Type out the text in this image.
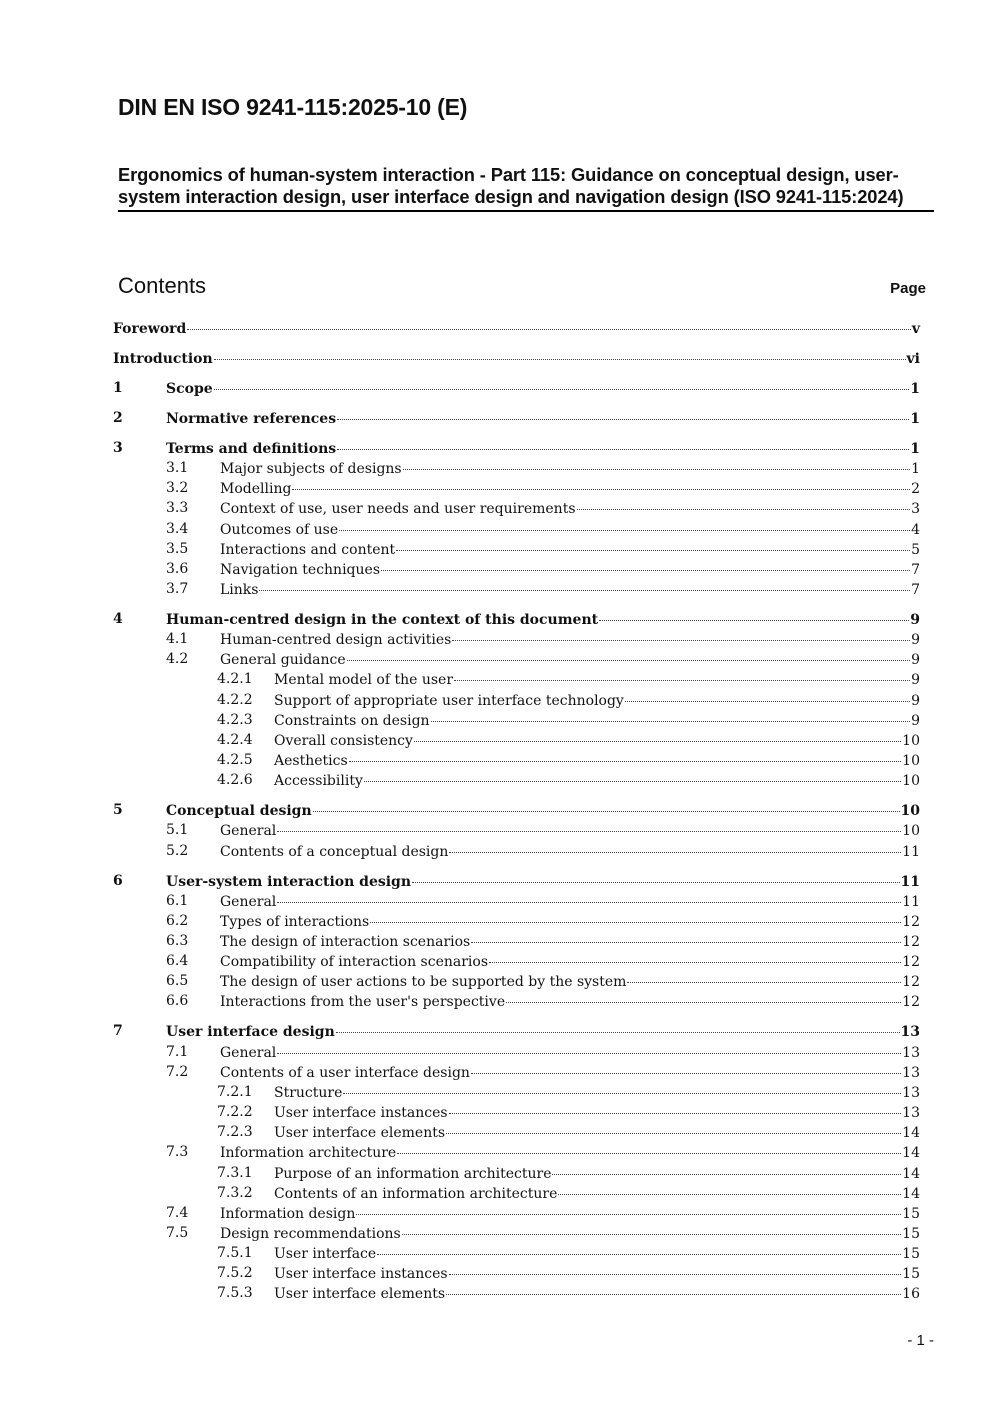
DIN EN ISO 9241-115:2025-10 (E)
Ergonomics of human-system interaction - Part 115: Guidance on conceptual design, user-system interaction design, user interface design and navigation design (ISO 9241-115:2024)
Contents	Page
Foreword	v
Introduction	vi
1	Scope	1
2	Normative references	1
3	Terms and definitions	1
3.1 Major subjects of designs	1
3.2 Modelling	2
3.3 Context of use, user needs and user requirements	3
3.4 Outcomes of use	4
3.5 Interactions and content	5
3.6 Navigation techniques	7
3.7 Links	7
4	Human-centred design in the context of this document	9
4.1 Human-centred design activities	9
4.2 General guidance	9
4.2.1 Mental model of the user	9
4.2.2 Support of appropriate user interface technology	9
4.2.3 Constraints on design	9
4.2.4 Overall consistency	10
4.2.5 Aesthetics	10
4.2.6 Accessibility	10
5	Conceptual design	10
5.1 General	10
5.2 Contents of a conceptual design	11
6	User-system interaction design	11
6.1 General	11
6.2 Types of interactions	12
6.3 The design of interaction scenarios	12
6.4 Compatibility of interaction scenarios	12
6.5 The design of user actions to be supported by the system	12
6.6 Interactions from the user's perspective	12
7	User interface design	13
7.1 General	13
7.2 Contents of a user interface design	13
7.2.1 Structure	13
7.2.2 User interface instances	13
7.2.3 User interface elements	14
7.3 Information architecture	14
7.3.1 Purpose of an information architecture	14
7.3.2 Contents of an information architecture	14
7.4 Information design	15
7.5 Design recommendations	15
7.5.1 User interface	15
7.5.2 User interface instances	15
7.5.3 User interface elements	16
- 1 -
